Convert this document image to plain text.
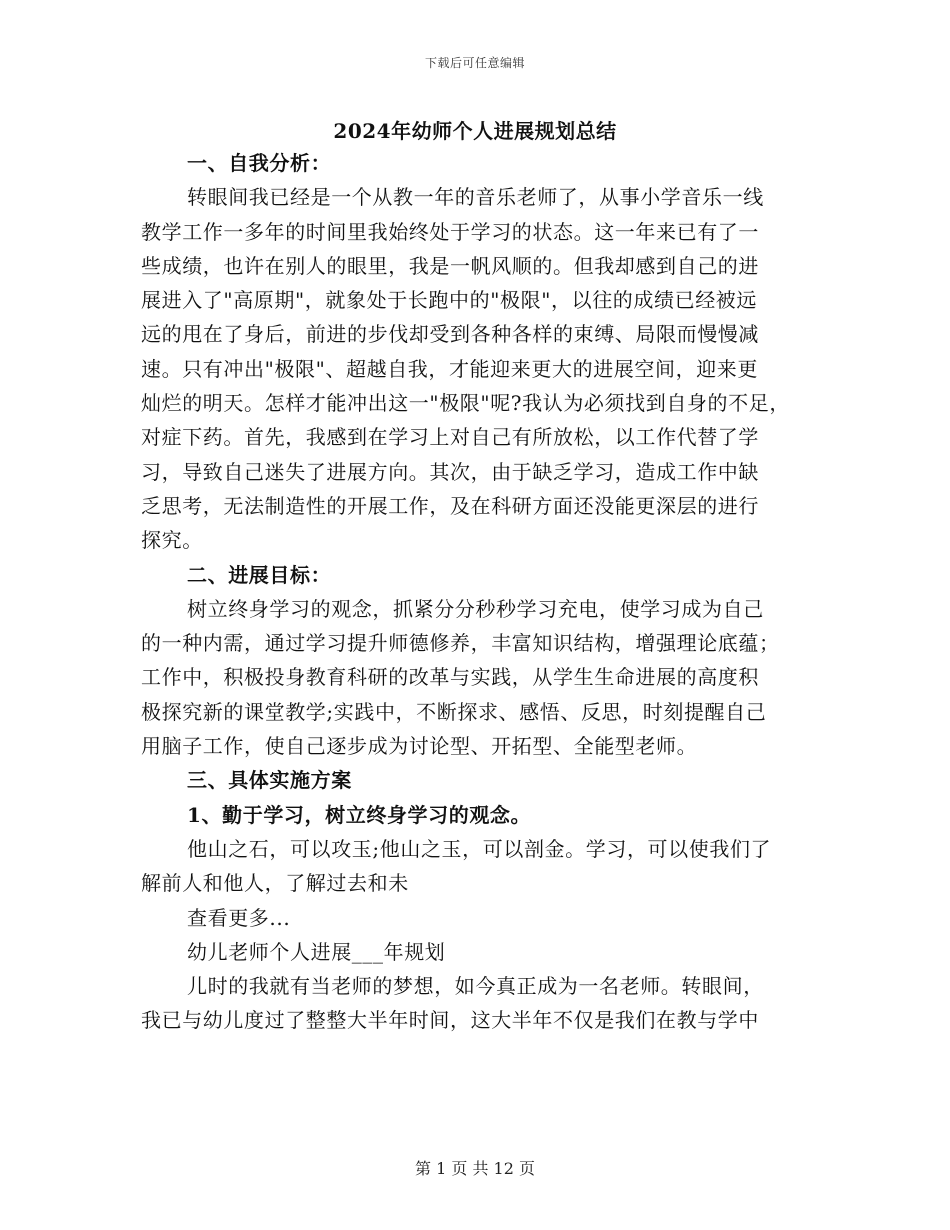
下载后可任意编辑
2024年幼师个人进展规划总结
一、自我分析：
转眼间我已经是一个从教一年的音乐老师了，从事小学音乐一线
教学工作一多年的时间里我始终处于学习的状态。这一年来已有了一
些成绩，也许在别人的眼里，我是一帆风顺的。但我却感到自己的进
展进入了"高原期"，就象处于长跑中的"极限"，以往的成绩已经被远
远的甩在了身后，前进的步伐却受到各种各样的束缚、局限而慢慢减
速。只有冲出"极限"、超越自我，才能迎来更大的进展空间，迎来更
灿烂的明天。怎样才能冲出这一"极限"呢?我认为必须找到自身的不足，
对症下药。首先，我感到在学习上对自己有所放松，以工作代替了学
习，导致自己迷失了进展方向。其次，由于缺乏学习，造成工作中缺
乏思考，无法制造性的开展工作，及在科研方面还没能更深层的进行
探究。
二、进展目标：
树立终身学习的观念，抓紧分分秒秒学习充电，使学习成为自己
的一种内需，通过学习提升师德修养，丰富知识结构，增强理论底蕴；
工作中，积极投身教育科研的改革与实践，从学生生命进展的高度积
极探究新的课堂教学;实践中，不断探求、感悟、反思，时刻提醒自己
用脑子工作，使自己逐步成为讨论型、开拓型、全能型老师。
三、具体实施方案
1、勤于学习，树立终身学习的观念。
他山之石，可以攻玉;他山之玉，可以剖金。学习，可以使我们了
解前人和他人，了解过去和未
查看更多...
幼儿老师个人进展___年规划
儿时的我就有当老师的梦想，如今真正成为一名老师。转眼间，
我已与幼儿度过了整整大半年时间，这大半年不仅是我们在教与学中
第 1 页 共 12 页
